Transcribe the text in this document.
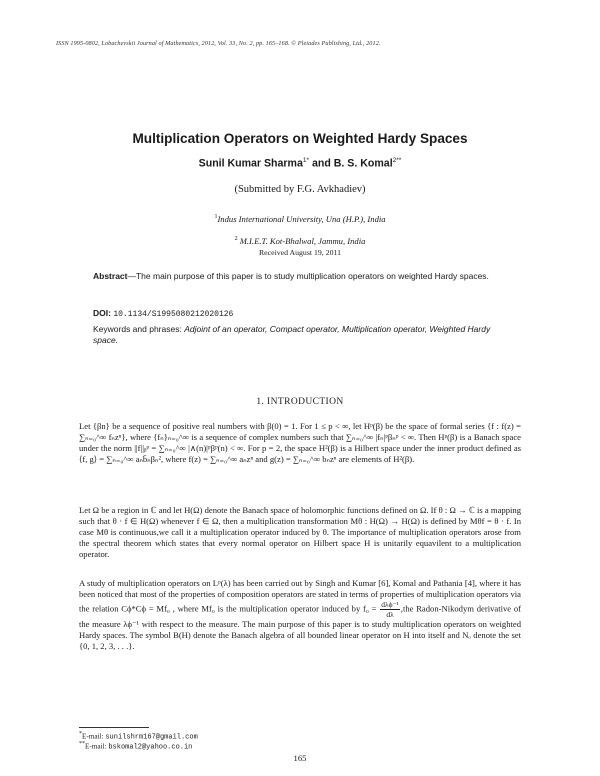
ISSN 1995-0802, Lobachevskii Journal of Mathematics, 2012, Vol. 33, No. 2, pp. 165–168. © Pleiades Publishing, Ltd., 2012.
Multiplication Operators on Weighted Hardy Spaces
Sunil Kumar Sharma$^{1*}$ and B. S. Komal$^{2**}$
(Submitted by F.G. Avkhadiev)
$^1$Indus International University, Una (H.P.), India
$^2$ M.I.E.T. Kot-Bhalwal, Jammu, India
Received August 19, 2011
Abstract—The main purpose of this paper is to study multiplication operators on weighted Hardy spaces.
DOI: 10.1134/S1995080212020126
Keywords and phrases: Adjoint of an operator, Compact operator, Multiplication operator, Weighted Hardy space.
1. INTRODUCTION
Let {βn} be a sequence of positive real numbers with β(0) = 1. For 1 ≤ p < ∞, let Hᵖ(β) be the space of formal series {f : f(z) = ∑ₙ₌₀^∞ fₙzⁿ}, where {fₙ}ₙ₌₀^∞ is a sequence of complex numbers such that ∑ₙ₌₀^∞ |fₙ|ᵖβₙᵖ < ∞. Then Hᵖ(β) is a Banach space under the norm ||f||ᵦᵖ = ∑ₙ₌₀^∞ |∧(n)|ᵖβᵖ(n) < ∞. For p = 2, the space H²(β) is a Hilbert space under the inner product defined as ⟨f, g⟩ = ∑ₙ₌₀^∞ aₙb̄ₙβₙ², where f(z) = ∑ₙ₌₀^∞ aₙzⁿ and g(z) = ∑ₙ₌₀^∞ bₙzⁿ are elements of H²(β).
Let Ω be a region in ℂ and let H(Ω) denote the Banach space of holomorphic functions defined on Ω. If θ : Ω → ℂ is a mapping such that θ · f ∈ H(Ω) whenever f ∈ Ω, then a multiplication transformation Mθ : H(Ω) → H(Ω) is defined by Mθf = θ · f. In case Mθ is continuous,we call it a multiplication operator induced by θ. The importance of multiplication operators arose from the spectral theorem which states that every normal operator on Hilbert space H is unitarily equavilent to a multiplication operator.
A study of multiplication operators on Lᵖ(λ) has been carried out by Singh and Kumar [6], Komal and Pathania [4], where it has been noticed that most of the properties of composition operators are stated in terms of properties of multiplication operators via the relation Cϕ*Cϕ = Mf₀ , where Mf₀ is the multiplication operator induced by $f_0 = \frac{\text{dλϕ⁻¹}}{d\lambda} ,the$ Radon-Nikodym derivative of the measure λϕ⁻¹ with respect to the measure. The main purpose of this paper is to study multiplication operators on weighted Hardy spaces. The symbol B(H) denote the Banach algebra of all bounded linear operator on H into itself and Nₒ denote the set {0, 1, 2, 3, . . .}.
*E-mail: sunilshrm167@gmail.com
**E-mail: bskomal2@yahoo.co.in
165
